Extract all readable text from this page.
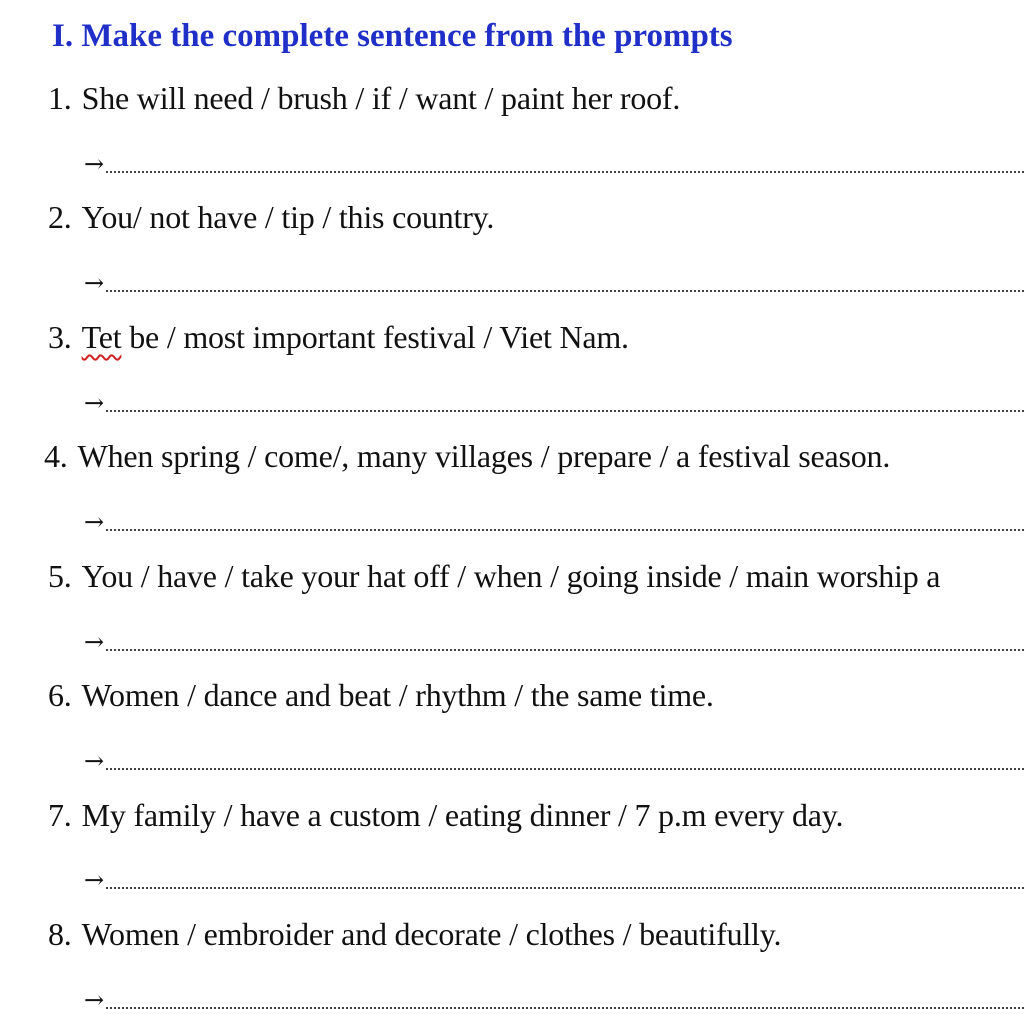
I. Make the complete sentence from the prompts
1. She will need / brush / if / want / paint her roof.
→
2. You/ not have / tip / this country.
→
3. Tet be / most important festival / Viet Nam.
→
4. When spring / come/, many villages / prepare / a festival season.
→
5. You / have / take your hat off / when / going inside / main worship a
→
6. Women / dance and beat / rhythm / the same time.
→
7. My family / have a custom / eating dinner / 7 p.m every day.
→
8. Women / embroider and decorate / clothes / beautifully.
→
